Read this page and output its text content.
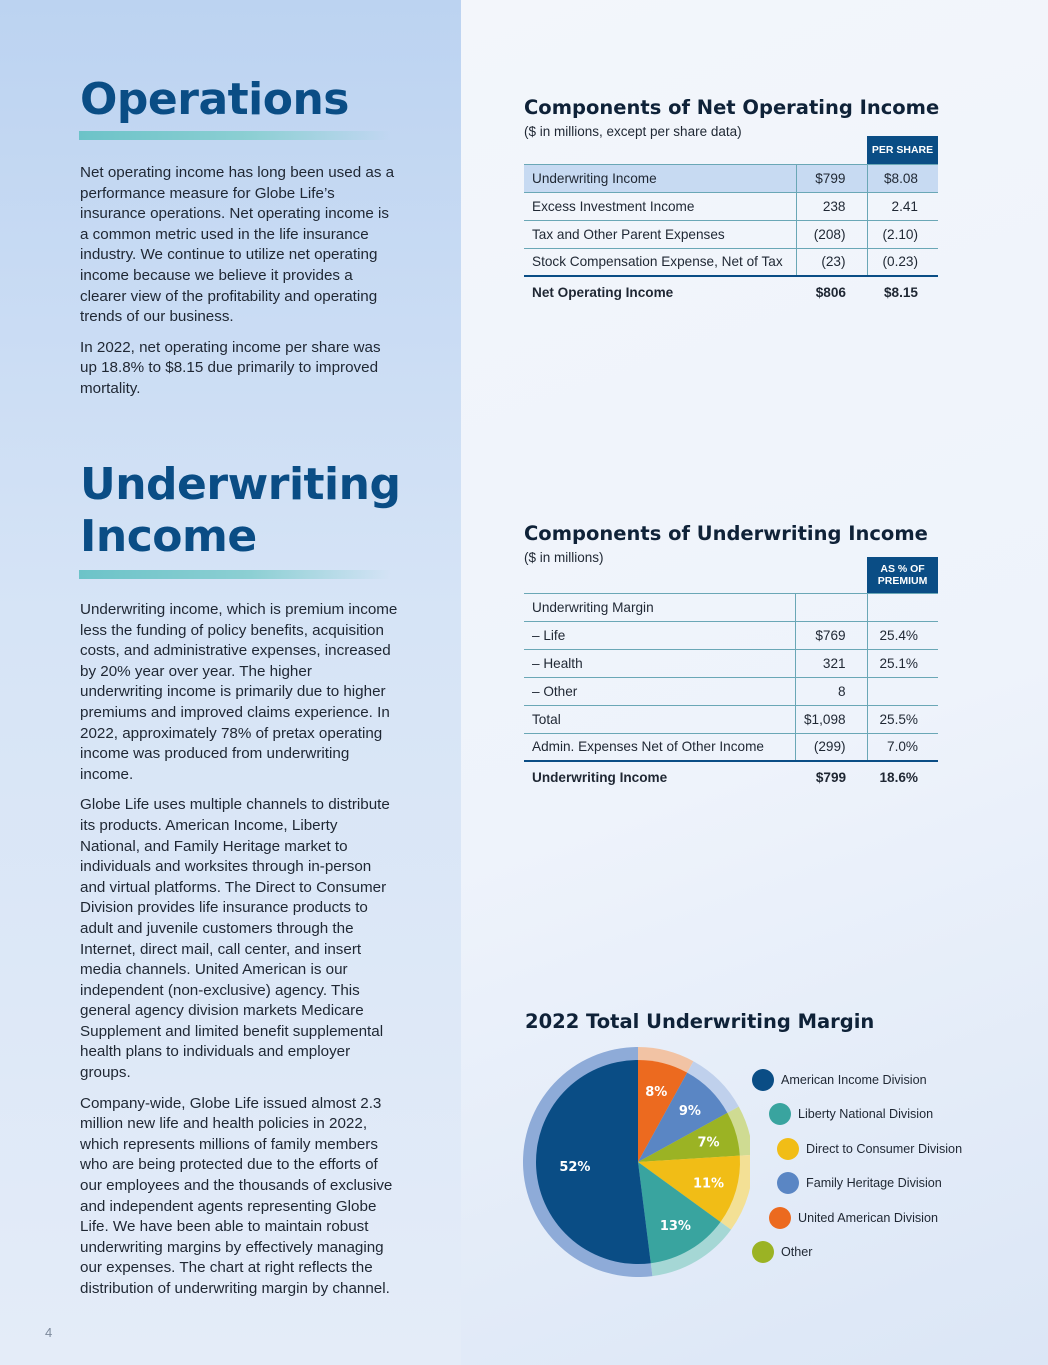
Operations

Net operating income has long been used as a performance measure for Globe Life’s insurance operations. Net operating income is a common metric used in the life insurance industry. We continue to utilize net operating income because we believe it provides a clearer view of the profitability and operating trends of our business.

In 2022, net operating income per share was up 18.8% to $8.15 due primarily to improved mortality.

Underwriting
Income

Underwriting income, which is premium income less the funding of policy benefits, acquisition costs, and administrative expenses, increased by 20% year over year. The higher underwriting income is primarily due to higher premiums and improved claims experience. In 2022, approximately 78% of pretax operating income was produced from underwriting income.

Globe Life uses multiple channels to distribute its products. American Income, Liberty National, and Family Heritage market to individuals and worksites through in-person and virtual platforms. The Direct to Consumer Division provides life insurance products to adult and juvenile customers through the Internet, direct mail, call center, and insert media channels. United American is our independent (non-exclusive) agency. This general agency division markets Medicare Supplement and limited benefit supplemental health plans to individuals and employer groups.

Company-wide, Globe Life issued almost 2.3 million new life and health policies in 2022, which represents millions of family members who are being protected due to the efforts of our employees and the thousands of exclusive and independent agents representing Globe Life. We have been able to maintain robust underwriting margins by effectively managing our expenses. The chart at right reflects the distribution of underwriting margin by channel.

4
Components of Net Operating Income
($ in millions, except per share data)
		PER SHARE
Underwriting Income	$799	$8.08
Excess Investment Income	238	2.41
Tax and Other Parent Expenses	(208)	(2.10)
Stock Compensation Expense, Net of Tax	(23)	(0.23)
Net Operating Income	$806	$8.15
Components of Underwriting Income
($ in millions)

		AS % OF
PREMIUM

Underwriting Margin		
– Life	$769	25.4%
– Health	321	25.1%
– Other	8	
Total	$1,098	25.5%
Admin. Expenses Net of Other Income	(299)	7.0%
Underwriting Income	$799	18.6%
2022 Total Underwriting Margin
8%
9%
7%
11%
13%
52%
American Income Division
Liberty National Division
Direct to Consumer Division
Family Heritage Division
United American Division
Other
